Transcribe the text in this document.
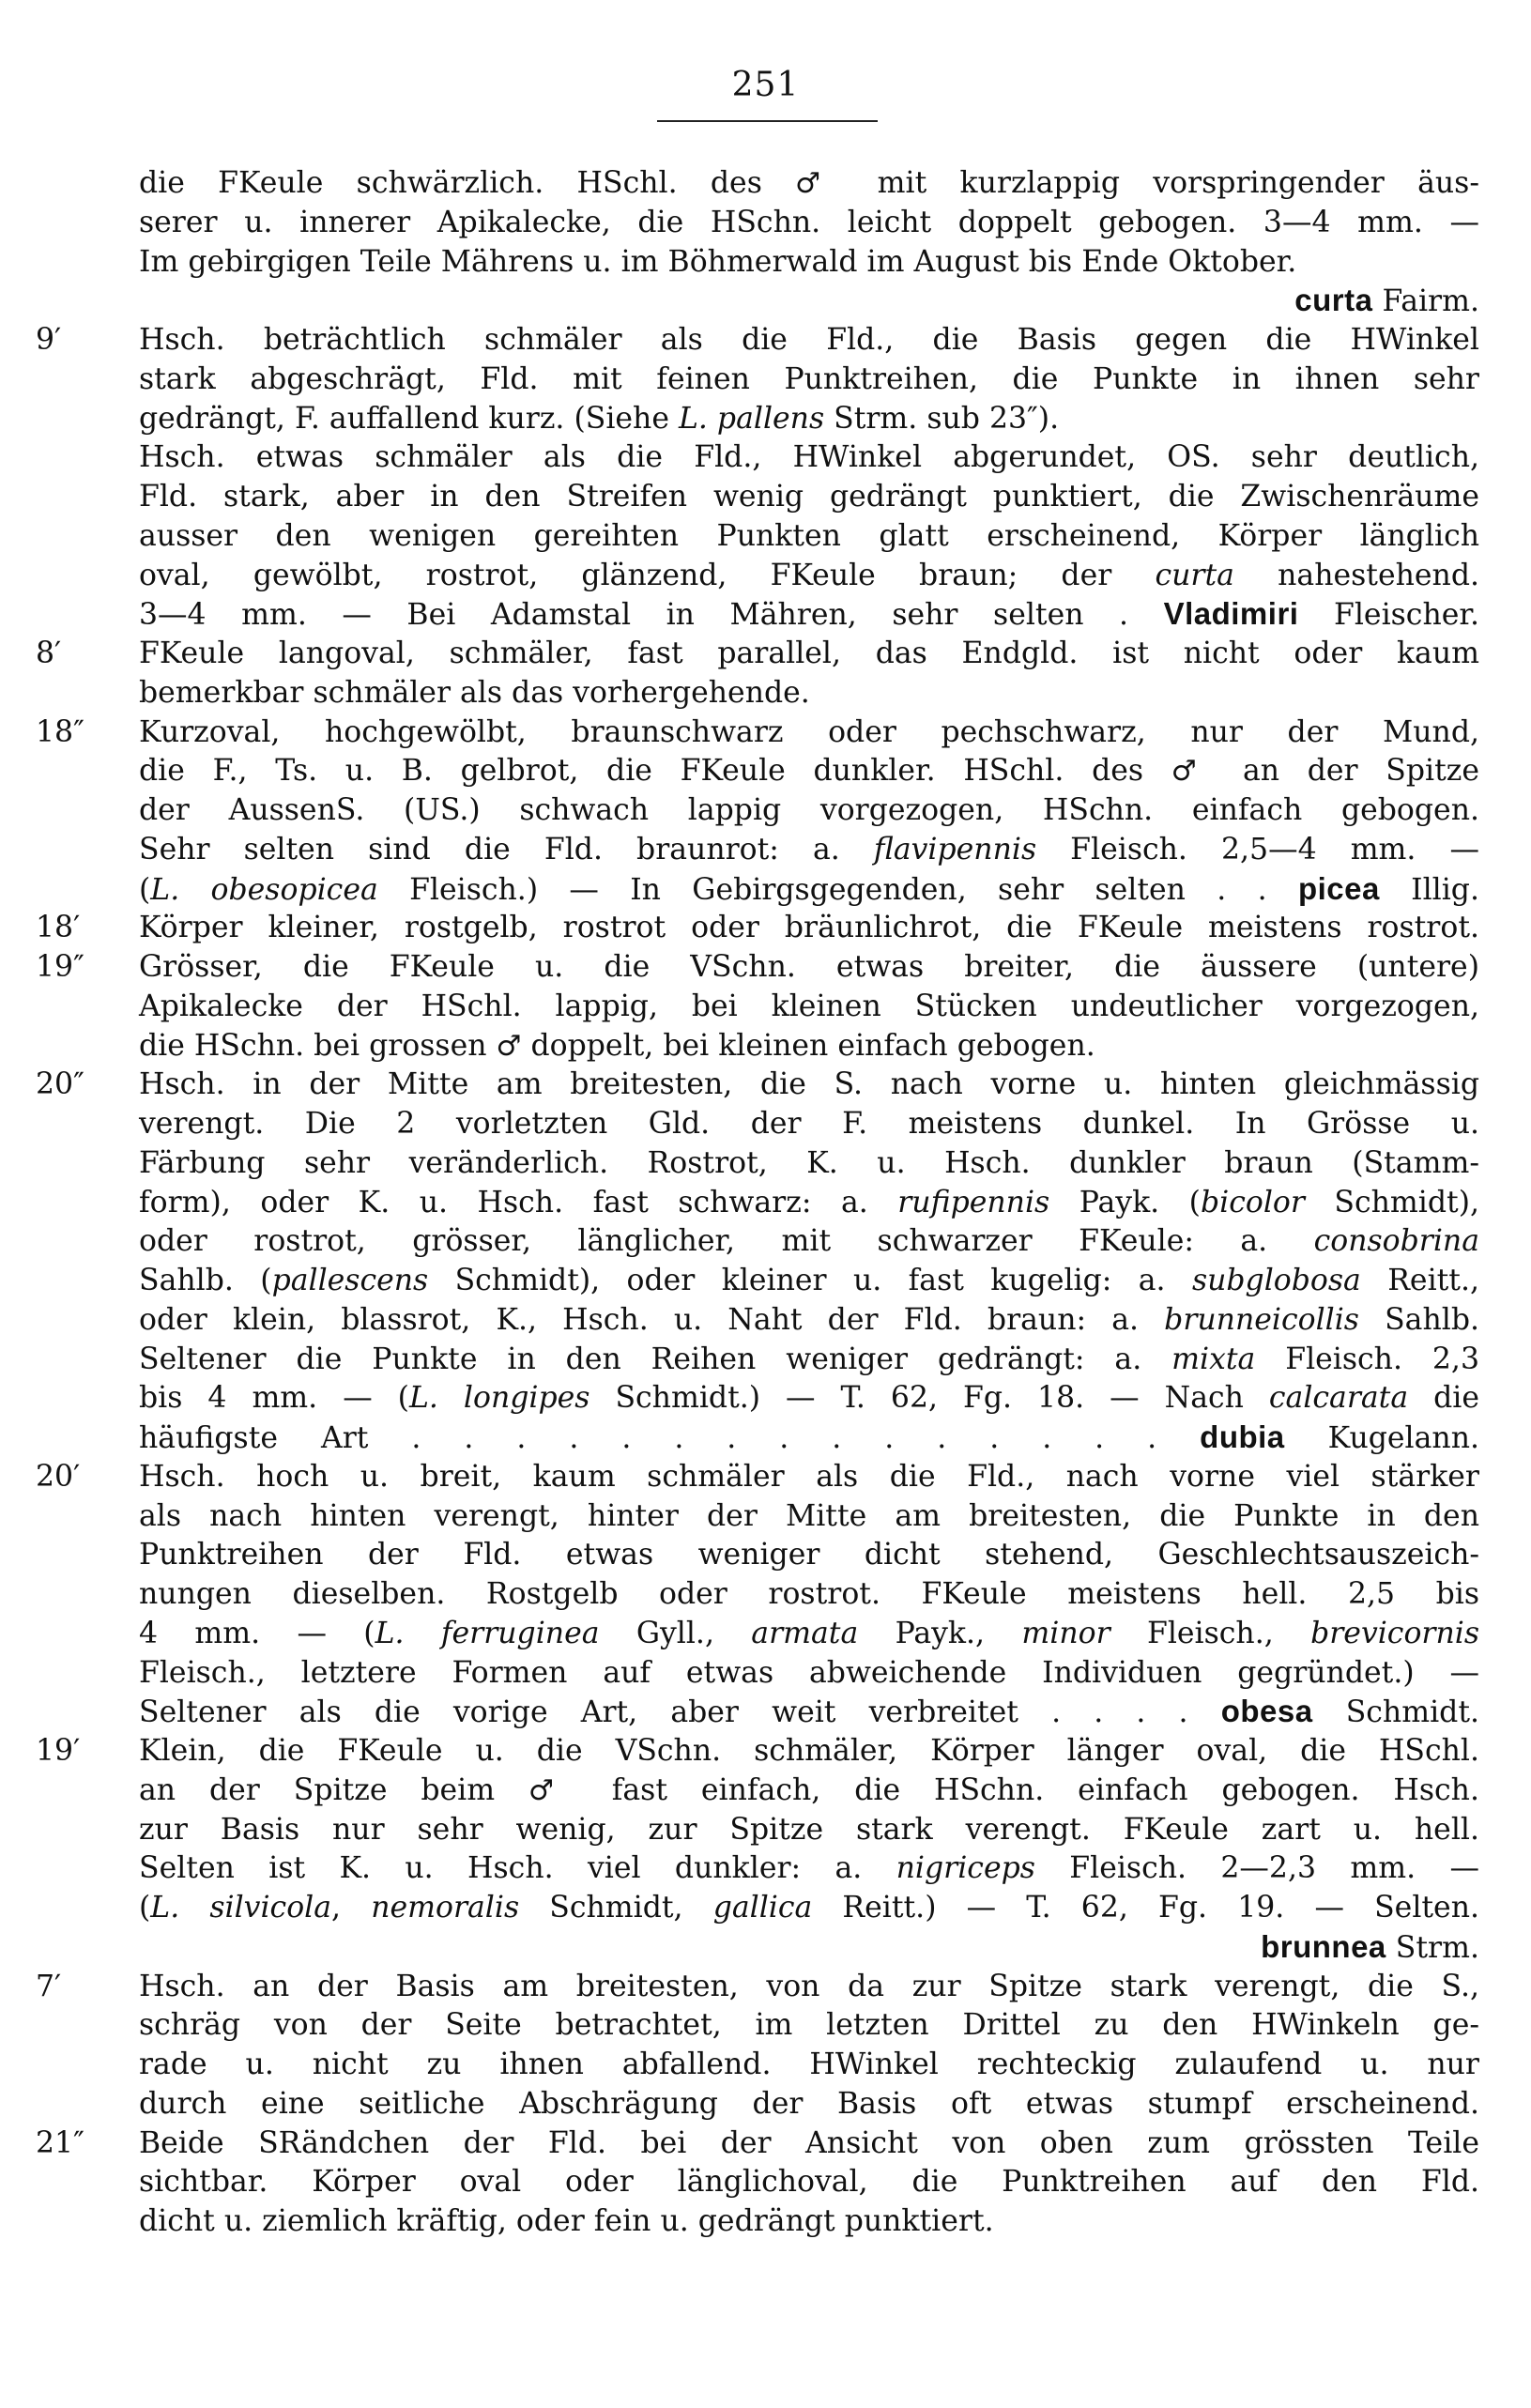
251
die FKeule schwärzlich. HSchl. des ♂ mit kurzlappig vorspringender äus-
serer u. innerer Apikalecke, die HSchn. leicht doppelt gebogen. 3—4 mm. —
Im gebirgigen Teile Mährens u. im Böhmerwald im August bis Ende Oktober.
curta Fairm.
9′	Hsch. beträchtlich schmäler als die Fld., die Basis gegen die HWinkel
stark abgeschrägt, Fld. mit feinen Punktreihen, die Punkte in ihnen sehr
gedrängt, F. auffallend kurz. (Siehe L. pallens Strm. sub 23″).
Hsch. etwas schmäler als die Fld., HWinkel abgerundet, OS. sehr deutlich,
Fld. stark, aber in den Streifen wenig gedrängt punktiert, die Zwischenräume
ausser den wenigen gereihten Punkten glatt erscheinend, Körper länglich
oval, gewölbt, rostrot, glänzend, FKeule braun; der curta nahestehend.
3—4 mm. — Bei Adamstal in Mähren, sehr selten . Vladimiri Fleischer.
8′	FKeule langoval, schmäler, fast parallel, das Endgld. ist nicht oder kaum
bemerkbar schmäler als das vorhergehende.
18″	Kurzoval, hochgewölbt, braunschwarz oder pechschwarz, nur der Mund,
die F., Ts. u. B. gelbrot, die FKeule dunkler. HSchl. des ♂ an der Spitze
der AussenS. (US.) schwach lappig vorgezogen, HSchn. einfach gebogen.
Sehr selten sind die Fld. braunrot: a. flavipennis Fleisch. 2,5—4 mm. —
(L. obesopicea Fleisch.) — In Gebirgsgegenden, sehr selten . . picea Illig.
18′	Körper kleiner, rostgelb, rostrot oder bräunlichrot, die FKeule meistens rostrot.
19″	Grösser, die FKeule u. die VSchn. etwas breiter, die äussere (untere)
Apikalecke der HSchl. lappig, bei kleinen Stücken undeutlicher vorgezogen,
die HSchn. bei grossen ♂ doppelt, bei kleinen einfach gebogen.
20″	Hsch. in der Mitte am breitesten, die S. nach vorne u. hinten gleichmässig
verengt. Die 2 vorletzten Gld. der F. meistens dunkel. In Grösse u.
Färbung sehr veränderlich. Rostrot, K. u. Hsch. dunkler braun (Stamm-
form), oder K. u. Hsch. fast schwarz: a. rufipennis Payk. (bicolor Schmidt),
oder rostrot, grösser, länglicher, mit schwarzer FKeule: a. consobrina
Sahlb. (pallescens Schmidt), oder kleiner u. fast kugelig: a. subglobosa Reitt.,
oder klein, blassrot, K., Hsch. u. Naht der Fld. braun: a. brunneicollis Sahlb.
Seltener die Punkte in den Reihen weniger gedrängt: a. mixta Fleisch. 2,3
bis 4 mm. — (L. longipes Schmidt.) — T. 62, Fg. 18. — Nach calcarata die
häufigste Art . . . . . . . . . . . . . . . dubia Kugelann.
20′	Hsch. hoch u. breit, kaum schmäler als die Fld., nach vorne viel stärker
als nach hinten verengt, hinter der Mitte am breitesten, die Punkte in den
Punktreihen der Fld. etwas weniger dicht stehend, Geschlechtsauszeich-
nungen dieselben. Rostgelb oder rostrot. FKeule meistens hell. 2,5 bis
4 mm. — (L. ferruginea Gyll., armata Payk., minor Fleisch., brevicornis
Fleisch., letztere Formen auf etwas abweichende Individuen gegründet.) —
Seltener als die vorige Art, aber weit verbreitet . . . . obesa Schmidt.
19′	Klein, die FKeule u. die VSchn. schmäler, Körper länger oval, die HSchl.
an der Spitze beim ♂ fast einfach, die HSchn. einfach gebogen. Hsch.
zur Basis nur sehr wenig, zur Spitze stark verengt. FKeule zart u. hell.
Selten ist K. u. Hsch. viel dunkler: a. nigriceps Fleisch. 2—2,3 mm. —
(L. silvicola, nemoralis Schmidt, gallica Reitt.) — T. 62, Fg. 19. — Selten.
brunnea Strm.
7′	Hsch. an der Basis am breitesten, von da zur Spitze stark verengt, die S.,
schräg von der Seite betrachtet, im letzten Drittel zu den HWinkeln ge-
rade u. nicht zu ihnen abfallend. HWinkel rechteckig zulaufend u. nur
durch eine seitliche Abschrägung der Basis oft etwas stumpf erscheinend.
21″	Beide SRändchen der Fld. bei der Ansicht von oben zum grössten Teile
sichtbar. Körper oval oder länglichoval, die Punktreihen auf den Fld.
dicht u. ziemlich kräftig, oder fein u. gedrängt punktiert.
